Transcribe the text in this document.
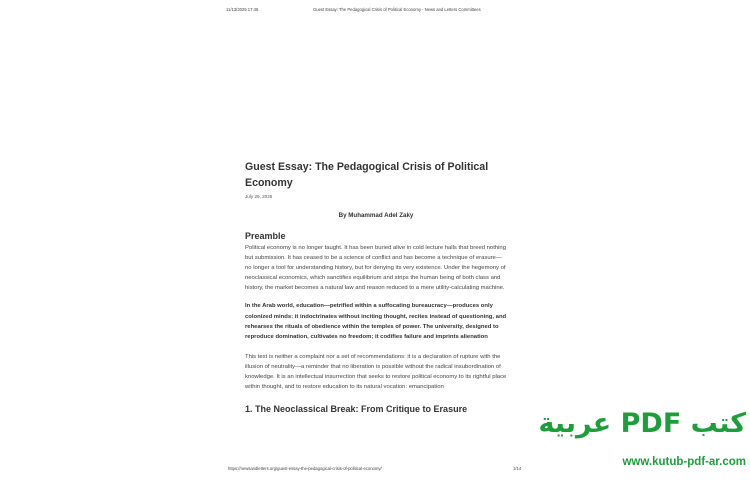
11/13/2025 17:46	Guest Essay: The Pedagogical Crisis of Political Economy - News and Letters Committees
Guest Essay: The Pedagogical Crisis of Political Economy
July 29, 2025
By Muhammad Adel Zaky
Preamble
Political economy is no longer taught. It has been buried alive in cold lecture halls that breed nothing but submission. It has ceased to be a science of conflict and has become a technique of erasure—no longer a tool for understanding history, but for denying its very existence. Under the hegemony of neoclassical economics, which sanctifies equilibrium and strips the human being of both class and history, the market becomes a natural law and reason reduced to a mere utility-calculating machine.
In the Arab world, education—petrified within a suffocating bureaucracy—produces only colonized minds: it indoctrinates without inciting thought, recites instead of questioning, and rehearses the rituals of obedience within the temples of power. The university, designed to reproduce domination, cultivates no freedom; it codifies failure and imprints alienation
This text is neither a complaint nor a set of recommendations: it is a declaration of rupture with the illusion of neutrality—a reminder that no liberation is possible without the radical insubordination of knowledge. It is an intellectual insurrection that seeks to restore political economy to its rightful place within thought, and to restore education to its natural vocation: emancipation
1. The Neoclassical Break: From Critique to Erasure
https://newsandletters.org/guest-essay-the-pedagogical-crisis-of-political-economy/	1/14
كتب PDF عربية
www.kutub-pdf-ar.com
